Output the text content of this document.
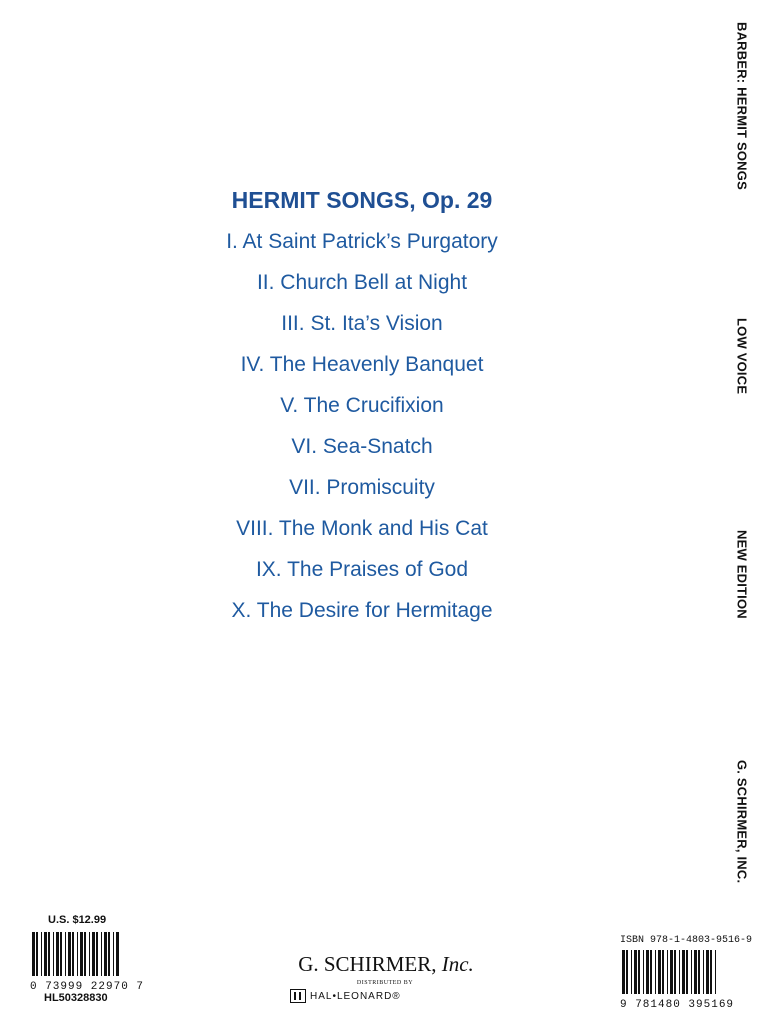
BARBER: HERMIT SONGS
LOW VOICE
NEW EDITION
G. SCHIRMER, INC.
HERMIT SONGS, Op. 29
I. At Saint Patrick’s Purgatory
II. Church Bell at Night
III. St. Ita’s Vision
IV. The Heavenly Banquet
V. The Crucifixion
VI. Sea-Snatch
VII. Promiscuity
VIII. The Monk and His Cat
IX. The Praises of God
X. The Desire for Hermitage
U.S. $12.99
0 73999 22970 7
HL50328830
G. SCHIRMER, Inc.
DISTRIBUTED BY
HAL•LEONARD®
ISBN 978-1-4803-9516-9
9 781480 395169
